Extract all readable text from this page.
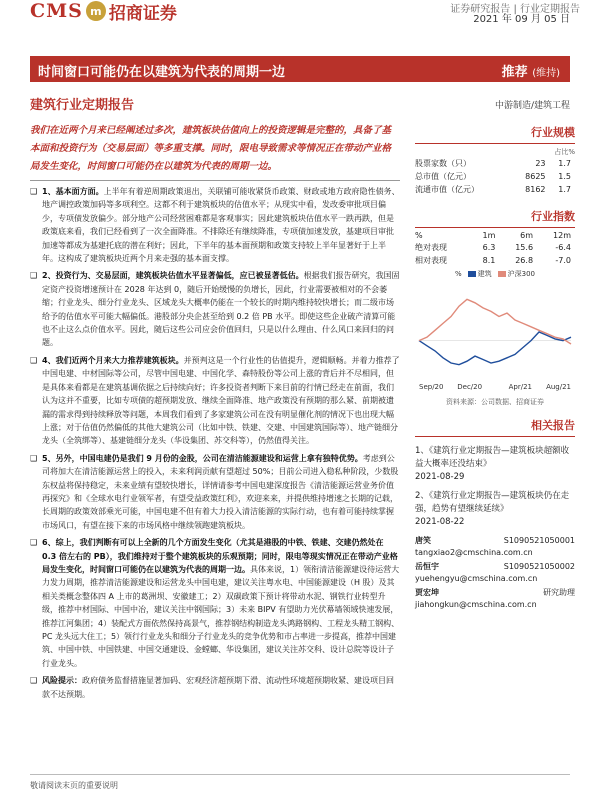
CMS m 招商证券	证券研究报告 | 行业定期报告
2021 年 09 月 05 日
时间窗口可能仍在以建筑为代表的周期一边	推荐 (维持)
建筑行业定期报告	中游制造/建筑工程
我们在近两个月来已经阐述过多次，建筑板块估值向上的投资逻辑是完整的，具备了基本面和投资行为（交易层面）等多重支撑。同时，限电导致需求等情况正在带动产业格局发生变化，时间窗口可能仍在以建筑为代表的周期一边。
❑ 1、基本面方面。上半年有着逆周期政策退出，关联铺可能收紧货币政策、财政或地方政府隐性债务、地产调控政策加码等多项利空。这都不利于建筑板块的估值水平；从现实中看，发改委审批项目偏少，专项债发放偏少。部分地产公司经营困难都是客观事实；因此建筑板块估值水平一跌再跌，但是政策底来看，我们已经看到了一次全面降准。不排除还有继续降准，专项债加速发放，基建项目审批加速等都成为基建托底的潜在利好；因此，下半年的基本面预期和政策支持较上半年显著好于上半年。这构成了建筑板块近两个月来走强的基本面支撑。
❑ 2、投资行为、交易层面，建筑板块估值水平显著偏低，应已被显著低估。根据我们报告研究，我国固定资产投资增速预计在 2028 年达到 0，随后开始缓慢的负增长，因此，行业需要被相对的不会萎缩；行业龙头、细分行业龙头、区域龙头大概率仍能在一个较长的时期内维持较快增长；而二级市场给予的估值水平可能大幅偏低。港股部分央企甚至给到 0.2 倍 PB 水平。即使这些企业破产清算可能也不止这么点价值水平。因此，随后这些公司应会价值回归，只是以什么理由、什么风口来回归的问题。
❑ 4、我们近两个月来大力推荐建筑板块。并预判这是一个行业性的估值提升，逻辑顺畅。并着力推荐了中国电建、中材国际等公司，尽管中国电建、中国化学、森特股份等公司上涨的背后并不尽相同，但是具体来看都是在建筑基调依据之后持续向好；许多投资者判断下来目前的行情已经走在前面，我们认为这并不重要，比如专项债的超预期发放、继续全面降准、地产政策没有预期的那么紧、前期被遗漏的需求得到持续释放等问题，本周我们看到了多家建筑公司在没有明显催化剂的情况下也出现大幅上涨；对于估值仍然偏低的其他大建筑公司（比如中铁、铁建、交建、中国建筑国际等）、地产链细分龙头（全筑绑等）、基建链细分龙头（华设集团、苏交科等），仍然值得关注。
❑ 5、另外，中国电建仍是我们 9 月份的金股，公司在清洁能源建设和运营上拿有独特优势。考虑到公司将加大在清洁能源运营上的投入，未来利润贡献有望超过 50%；目前公司进入稳私种阶段，少数股东权益将保持稳定，未来业绩有望较快增长，详情请参考中国电建深度报告《清洁能源运营业务价值再探究》和《全球水电行业领军者，有望受益政策红利》，欢迎来来，并提供维持增速之长期的记载，长周期的政策效部乘光可能，中国电建不但有着大力投入清洁能源的实际行动，也有着可能持续掌握市场风口，有望在接下来的市场风格中继续领跑建筑板块。
❑ 6、综上，我们判断有可以上全新的几个方面发生变化（尤其是港股的中铁、铁建、交建仍然处在 0.3 倍左右的 PB），我们维持对于整个建筑板块的乐观预期；同时，限电等现实情况正在带动产业格局发生变化，时间窗口可能仍在以建筑为代表的周期一边。具体来说，1）领衔清洁能源建设待运营大力发力周期，推荐清洁能源建设和运营龙头中国电建，建议关注粤水电、中国能源建设（H 股）及其相关类概念整体四 A 上市的葛洲坝、安徽建工；2）双碳政策下预计将带动水泥、钢铁行业转型升级，推荐中材国际、中国中冶，建议关注中钢国际；3）未来 BIPV 有望助力光伏幕墙领域快速发展，推荐江河集团；4）装配式方面依然保持高景气，推荐钢结构制造龙头鸿路钢构、工程龙头精工钢构、PC 龙头远大住工；5）领行行业龙头和细分子行业龙头的竞争优势和市占率进一步提高，推荐中国建筑、中国中铁、中国铁建、中国交通建设、金螳螂、华设集团，建议关注苏交科、设计总院等设计子行业龙头。
❑ 风险提示：政府债务监督措施显著加码、宏观经济超预期下滑、流动性环境超预期收紧、建设项目回款不达预期。
行业规模
占比%
股票家数（只）	23	1.7
总市值（亿元）	8625	1.5
流通市值（亿元）	8162	1.7
行业指数
%	1m	6m	12m
绝对表现	6.3	15.6	-6.4
相对表现	8.1	26.8	-7.0
%	建筑	沪深300
Sep/20 Dec/20	Apr/21 Aug/21
资料来源：公司数据、招商证券
相关报告
1、《建筑行业定期报告—建筑板块超额收益大概率还没结束》
2021-08-29
2、《建筑行业定期报告—建筑板块仍在走强，趋势有望继续延续》
2021-08-22
唐笑	S1090521050001
tangxiao2@cmschina.com.cn
岳恒宇	S1090521050002
yuehengyu@cmschina.com.cn
贾宏坤	研究助理
jiahongkun@cmschina.com.cn
敬请阅读末页的重要说明
